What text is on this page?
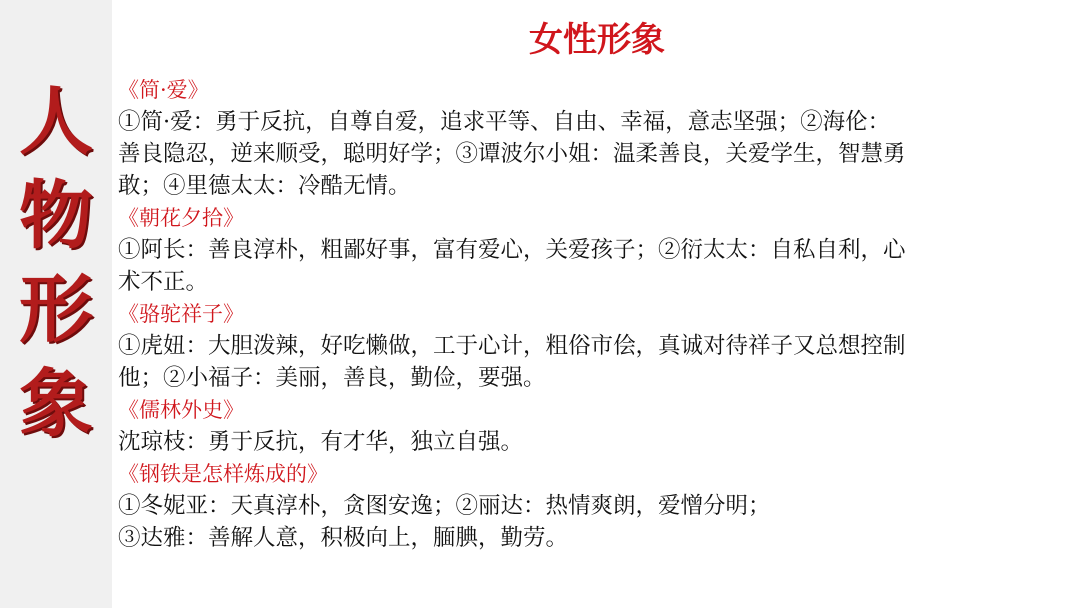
人
物
形
象
女性形象
《简·爱》
①简·爱：勇于反抗，自尊自爱，追求平等、自由、幸福，意志坚强；②海伦：
善良隐忍，逆来顺受，聪明好学；③谭波尔小姐：温柔善良，关爱学生，智慧勇
敢；④里德太太：冷酷无情。
《朝花夕拾》
①阿长：善良淳朴，粗鄙好事，富有爱心，关爱孩子；②衍太太：自私自利，心
术不正。
《骆驼祥子》
①虎妞：大胆泼辣，好吃懒做，工于心计，粗俗市侩，真诚对待祥子又总想控制
他；②小福子：美丽，善良，勤俭，要强。
《儒林外史》
沈琼枝：勇于反抗，有才华，独立自强。
《钢铁是怎样炼成的》
①冬妮亚：天真淳朴，贪图安逸；②丽达：热情爽朗，爱憎分明；
③达雅：善解人意，积极向上，腼腆，勤劳。
